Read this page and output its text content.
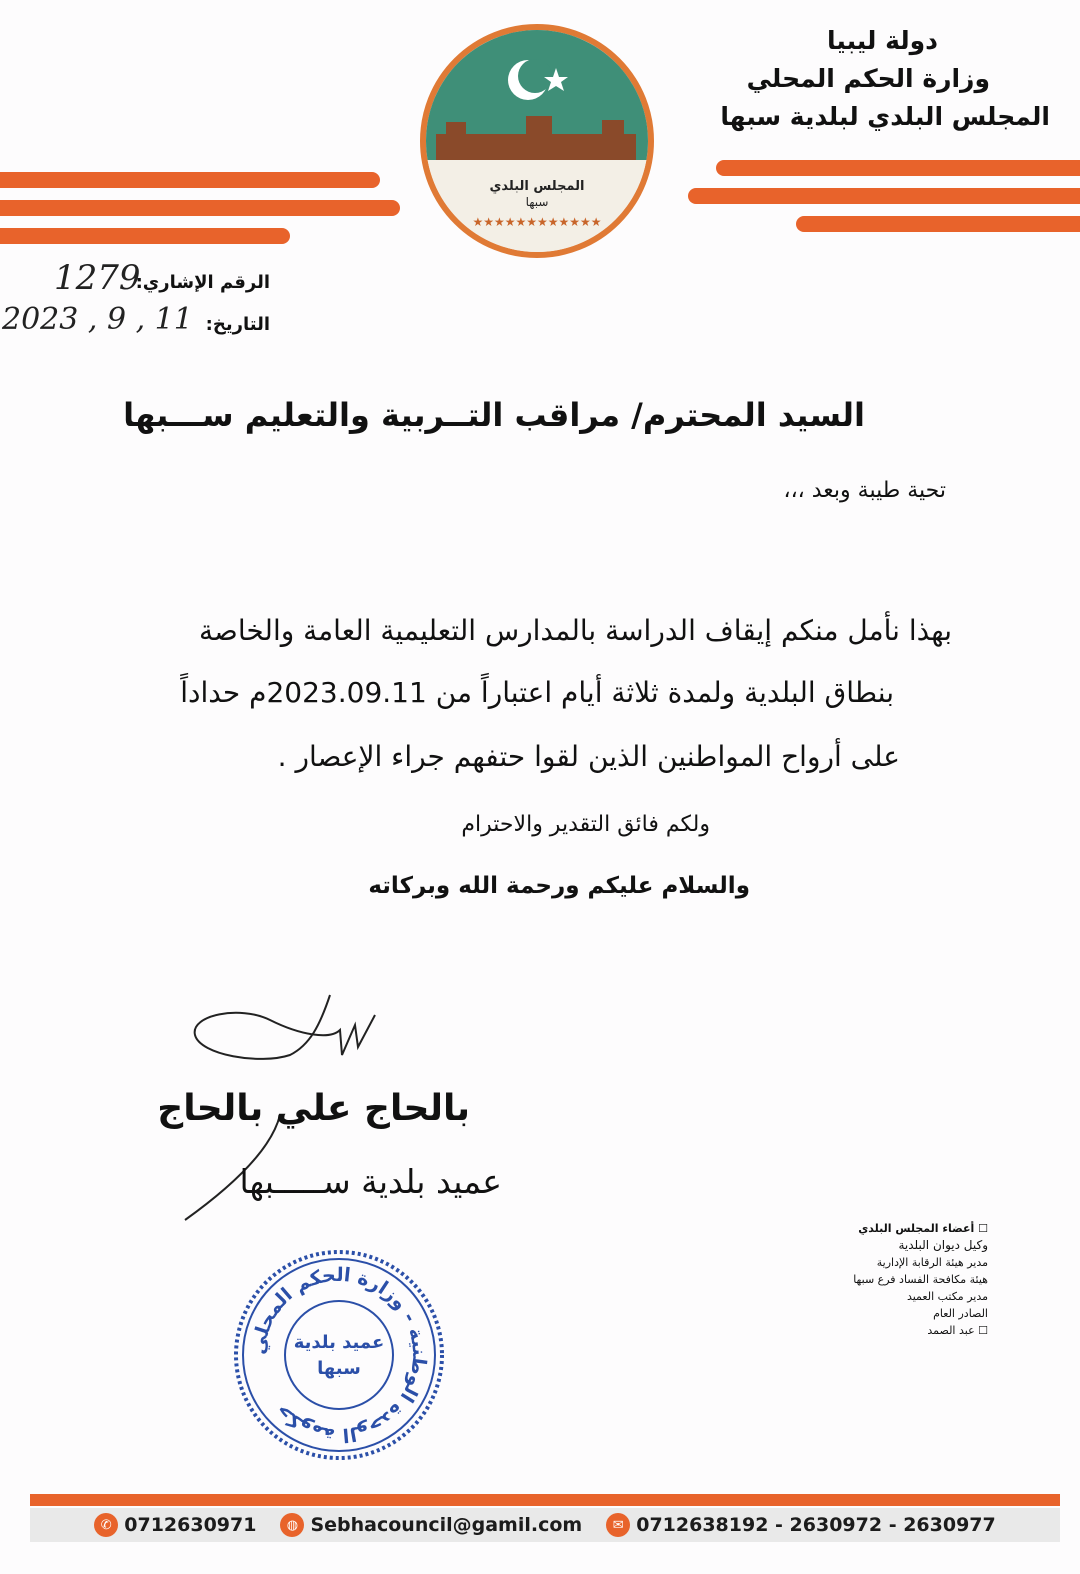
دولة ليبيا
وزارة الحكم المحلي
المجلس البلدي لبلدية سبها
المجلس البلدي
سبها
★★★★★★★★★★★★
الرقم الإشاري:
1279
التاريخ:
2023 , 9 , 11
السيد المحترم/ مراقب التــربية والتعليم ســـبها
تحية طيبة وبعد ،،،
بهذا نأمل منكم إيقاف الدراسة بالمدارس التعليمية العامة والخاصة
بنطاق البلدية ولمدة ثلاثة أيام اعتباراً من 2023.09.11م حداداً
على أرواح المواطنين الذين لقوا حتفهم جراء الإعصار .
ولكم فائق التقدير والاحترام
والسلام عليكم ورحمة الله وبركاته
بالحاج علي بالحاج
عميد بلدية ســـــبها
☐ أعضاء المجلس البلدي
وكيل ديوان البلدية
مدير هيئة الرقابة الإدارية
هيئة مكافحة الفساد فرع سبها
مدير مكتب العميد
الصادر العام
☐ عبد الصمد
حكومة الوحدة الوطنية - وزارة الحكم المحلي
عميد بلدية
سبها
✆ 0712630971	◍ Sebhacouncil@gamil.com	✉ 0712638192 - 2630972 - 2630977
